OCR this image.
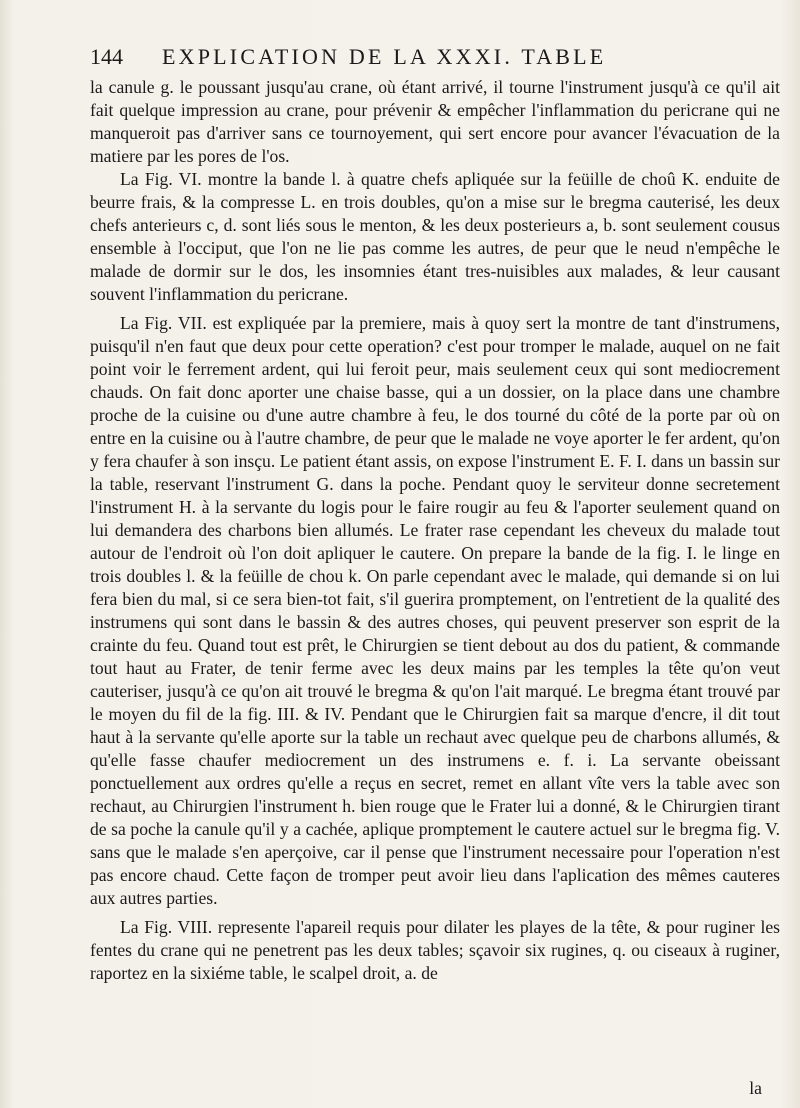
144	EXPLICATION DE LA XXXI. TABLE

la canule g. le poussant jusqu'au crane, où étant arrivé, il tourne l'instrument jusqu'à ce qu'il ait fait quelque impression au crane, pour prévenir & empêcher l'inflammation du pericrane qui ne manqueroit pas d'arriver sans ce tournoyement, qui sert encore pour avancer l'évacuation de la matiere par les pores de l'os.

La Fig. VI. montre la bande l. à quatre chefs apliquée sur la feüille de choû K. enduite de beurre frais, & la compresse L. en trois doubles, qu'on a mise sur le bregma cauterisé, les deux chefs anterieurs c, d. sont liés sous le menton, & les deux posterieurs a, b. sont seulement cousus ensemble à l'occiput, que l'on ne lie pas comme les autres, de peur que le neud n'empêche le malade de dormir sur le dos, les insomnies étant tres-nuisibles aux malades, & leur causant souvent l'inflammation du pericrane.

La Fig. VII. est expliquée par la premiere, mais à quoy sert la montre de tant d'instrumens, puisqu'il n'en faut que deux pour cette operation? c'est pour tromper le malade, auquel on ne fait point voir le ferrement ardent, qui lui feroit peur, mais seulement ceux qui sont mediocrement chauds. On fait donc aporter une chaise basse, qui a un dossier, on la place dans une chambre proche de la cuisine ou d'une autre chambre à feu, le dos tourné du côté de la porte par où on entre en la cuisine ou à l'autre chambre, de peur que le malade ne voye aporter le fer ardent, qu'on y fera chaufer à son insçu. Le patient étant assis, on expose l'instrument E. F. I. dans un bassin sur la table, reservant l'instrument G. dans la poche. Pendant quoy le serviteur donne secretement l'instrument H. à la servante du logis pour le faire rougir au feu & l'aporter seulement quand on lui demandera des charbons bien allumés. Le frater rase cependant les cheveux du malade tout autour de l'endroit où l'on doit apliquer le cautere. On prepare la bande de la fig. I. le linge en trois doubles l. & la feüille de chou k. On parle cependant avec le malade, qui demande si on lui fera bien du mal, si ce sera bien-tot fait, s'il guerira promptement, on l'entretient de la qualité des instrumens qui sont dans le bassin & des autres choses, qui peuvent preserver son esprit de la crainte du feu. Quand tout est prêt, le Chirurgien se tient debout au dos du patient, & commande tout haut au Frater, de tenir ferme avec les deux mains par les temples la tête qu'on veut cauteriser, jusqu'à ce qu'on ait trouvé le bregma & qu'on l'ait marqué. Le bregma étant trouvé par le moyen du fil de la fig. III. & IV. Pendant que le Chirurgien fait sa marque d'encre, il dit tout haut à la servante qu'elle aporte sur la table un rechaut avec quelque peu de charbons allumés, & qu'elle fasse chaufer mediocrement un des instrumens e. f. i. La servante obeissant ponctuellement aux ordres qu'elle a reçus en secret, remet en allant vîte vers la table avec son rechaut, au Chirurgien l'instrument h. bien rouge que le Frater lui a donné, & le Chirurgien tirant de sa poche la canule qu'il y a cachée, aplique promptement le cautere actuel sur le bregma fig. V. sans que le malade s'en aperçoive, car il pense que l'instrument necessaire pour l'operation n'est pas encore chaud. Cette façon de tromper peut avoir lieu dans l'aplication des mêmes cauteres aux autres parties.

La Fig. VIII. represente l'apareil requis pour dilater les playes de la tête, & pour ruginer les fentes du crane qui ne penetrent pas les deux tables; sçavoir six rugines, q. ou ciseaux à ruginer, raportez en la sixiéme table, le scalpel droit, a. de

la
